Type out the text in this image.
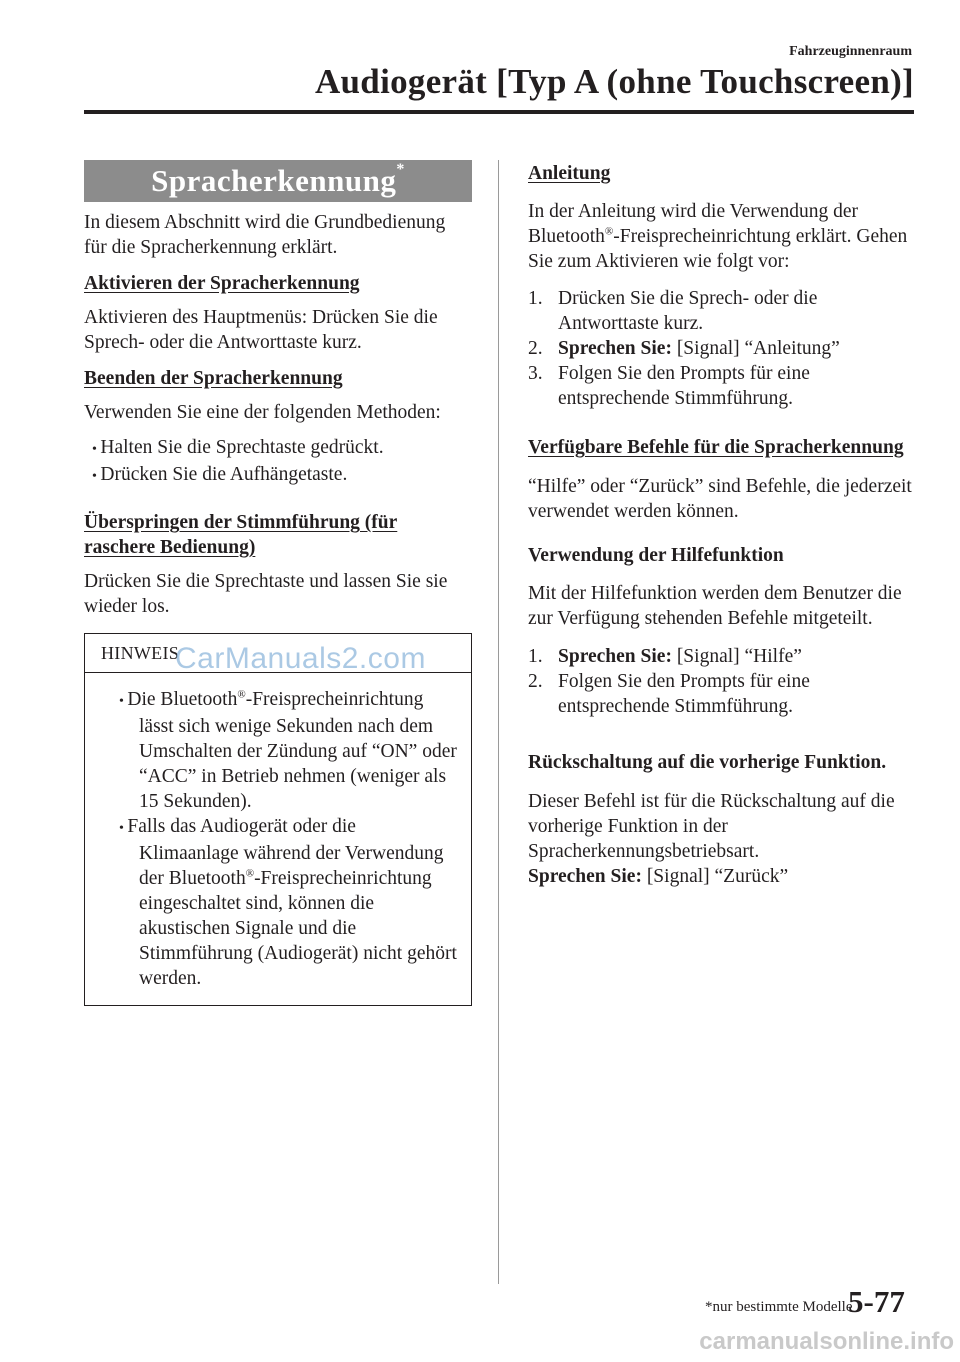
Fahrzeuginnenraum
Audiogerät [Typ A (ohne Touchscreen)]
Spracherkennung*

In diesem Abschnitt wird die Grundbedienung für die Spracherkennung erklärt.

Aktivieren der Spracherkennung

Aktivieren des Hauptmenüs: Drücken Sie die Sprech- oder die Antworttaste kurz.

Beenden der Spracherkennung

Verwenden Sie eine der folgenden Methoden:

• Halten Sie die Sprechtaste gedrückt.
• Drücken Sie die Aufhängetaste.
Überspringen der Stimmführung (für raschere Bedienung)

Drücken Sie die Sprechtaste und lassen Sie sie wieder los.

HINWEIS
CarManuals2.com
• Die Bluetooth®-Freisprecheinrichtung lässt sich wenige Sekunden nach dem Umschalten der Zündung auf “ON” oder “ACC” in Betrieb nehmen (weniger als 15 Sekunden).
• Falls das Audiogerät oder die Klimaanlage während der Verwendung der Bluetooth®-Freisprecheinrichtung eingeschaltet sind, können die akustischen Signale und die Stimmführung (Audiogerät) nicht gehört werden.
Anleitung

In der Anleitung wird die Verwendung der Bluetooth®-Freisprecheinrichtung erklärt. Gehen Sie zum Aktivieren wie folgt vor:

1. Drücken Sie die Sprech- oder die Antworttaste kurz.
2. Sprechen Sie: [Signal] “Anleitung”
3. Folgen Sie den Prompts für eine entsprechende Stimmführung.
Verfügbare Befehle für die Spracherkennung

“Hilfe” oder “Zurück” sind Befehle, die jederzeit verwendet werden können.

Verwendung der Hilfefunktion

Mit der Hilfefunktion werden dem Benutzer die zur Verfügung stehenden Befehle mitgeteilt.

1. Sprechen Sie: [Signal] “Hilfe”
2. Folgen Sie den Prompts für eine entsprechende Stimmführung.
Rückschaltung auf die vorherige Funktion.

Dieser Befehl ist für die Rückschaltung auf die vorherige Funktion in der Spracherkennungsbetriebsart.

Sprechen Sie: [Signal] “Zurück”

*nur bestimmte Modelle
5-77
carmanualsonline.info
